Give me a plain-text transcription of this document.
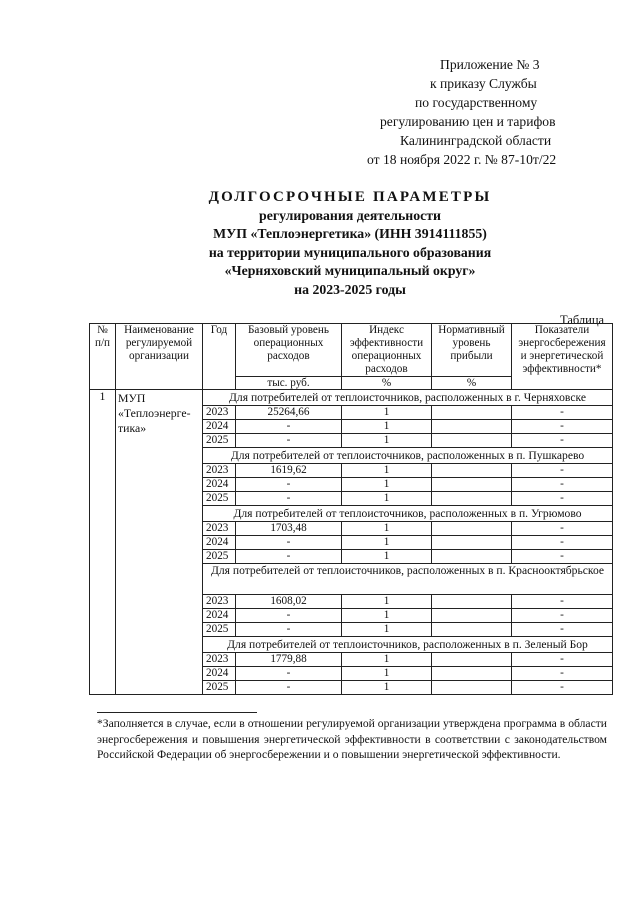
Приложение № 3
к приказу Службы
по государственному
регулированию цен и тарифов
Калининградской области
от 18 ноября 2022 г. № 87-10т/22
ДОЛГОСРОЧНЫЕ ПАРАМЕТРЫ
регулирования деятельности
МУП «Теплоэнергетика» (ИНН 3914111855)
на территории муниципального образования
«Черняховский муниципальный округ»
на 2023-2025 годы
Таблица
№ п/п	Наименование регулируемой организации	Год	Базовый уровень операционных расходов	Индекс эффективности операционных расходов	Нормативный уровень прибыли	Показатели энергосбережения и энергетической эффективности*
			тыс. руб.	%	%	
1	МУП «Теплоэнерге-тика»	Для потребителей от теплоисточников, расположенных в г. Черняховске				
		2023	25264,66	1		-
		2024	-	1		-
		2025	-	1		-
		Для потребителей от теплоисточников, расположенных в п. Пушкарево				
		2023	1619,62	1		-
		2024	-	1		-
		2025	-	1		-
		Для потребителей от теплоисточников, расположенных в п. Угрюмово				
		2023	1703,48	1		-
		2024	-	1		-
		2025	-	1		-
		Для потребителей от теплоисточников, расположенных в п. Краснооктябрьское				
		2023	1608,02	1		-
		2024	-	1		-
		2025	-	1		-
		Для потребителей от теплоисточников, расположенных в п. Зеленый Бор				
		2023	1779,88	1		-
		2024	-	1		-
		2025	-	1		-
*Заполняется в случае, если в отношении регулируемой организации утверждена программа в области энергосбережения и повышения энергетической эффективности в соответствии с законодательством Российской Федерации об энергосбережении и о повышении энергетической эффективности.
